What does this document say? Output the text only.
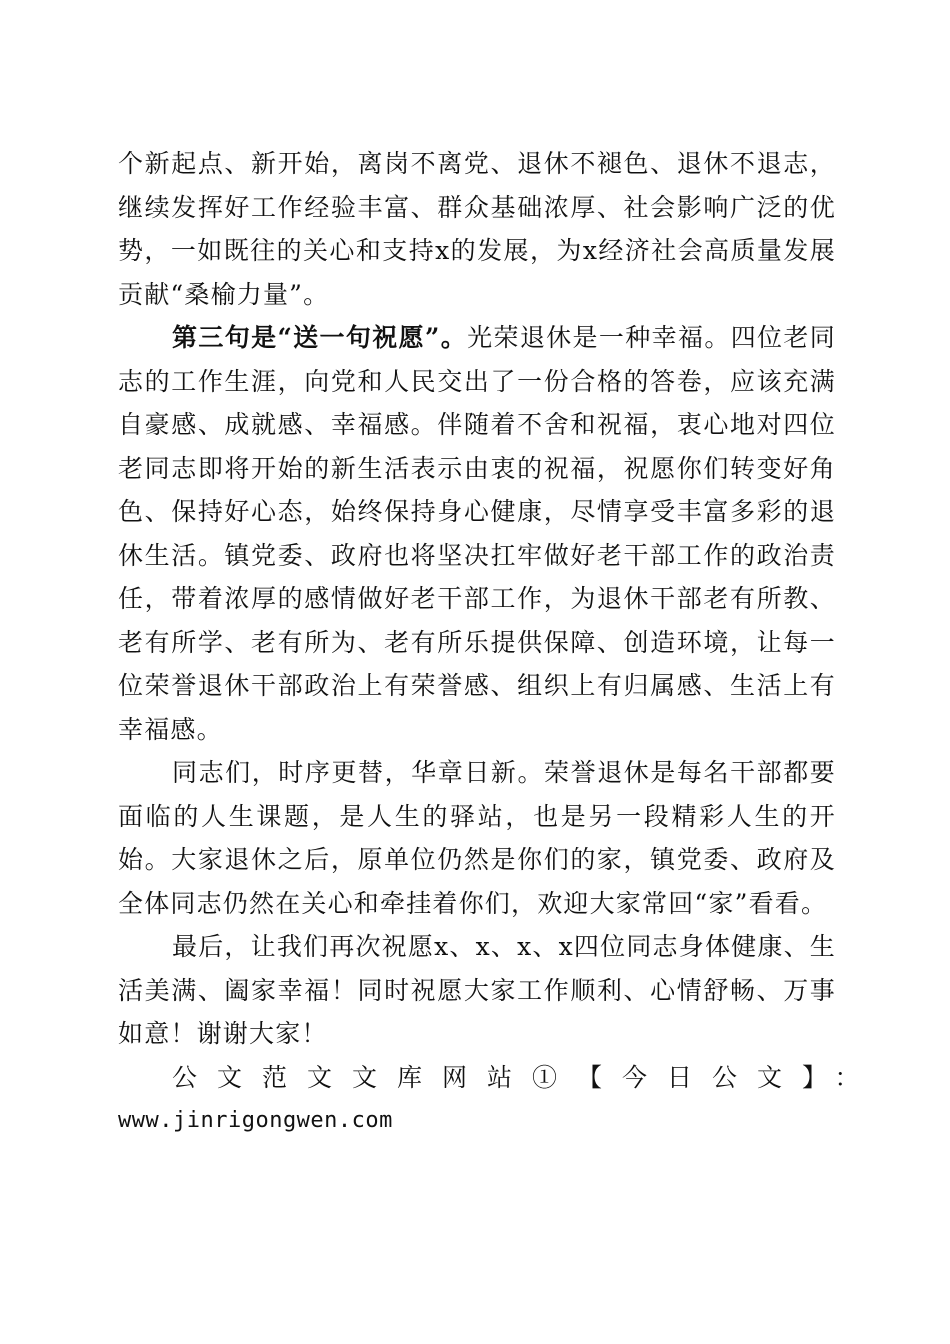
个新起点、新开始，离岗不离党、退休不褪色、退休不退志，继续发挥好工作经验丰富、群众基础浓厚、社会影响广泛的优势，一如既往的关心和支持x的发展，为x经济社会高质量发展贡献“桑榆力量”。

第三句是“送一句祝愿”。光荣退休是一种幸福。四位老同志的工作生涯，向党和人民交出了一份合格的答卷，应该充满自豪感、成就感、幸福感。伴随着不舍和祝福，衷心地对四位老同志即将开始的新生活表示由衷的祝福，祝愿你们转变好角色、保持好心态，始终保持身心健康，尽情享受丰富多彩的退休生活。镇党委、政府也将坚决扛牢做好老干部工作的政治责任，带着浓厚的感情做好老干部工作，为退休干部老有所教、老有所学、老有所为、老有所乐提供保障、创造环境，让每一位荣誉退休干部政治上有荣誉感、组织上有归属感、生活上有幸福感。

同志们，时序更替，华章日新。荣誉退休是每名干部都要面临的人生课题，是人生的驿站，也是另一段精彩人生的开始。大家退休之后，原单位仍然是你们的家，镇党委、政府及全体同志仍然在关心和牵挂着你们，欢迎大家常回“家”看看。

最后，让我们再次祝愿x、x、x、x四位同志身体健康、生活美满、阖家幸福！同时祝愿大家工作顺利、心情舒畅、万事如意！谢谢大家！

公文范文文库网站①【今日公文】：

www.jinrigongwen.com
